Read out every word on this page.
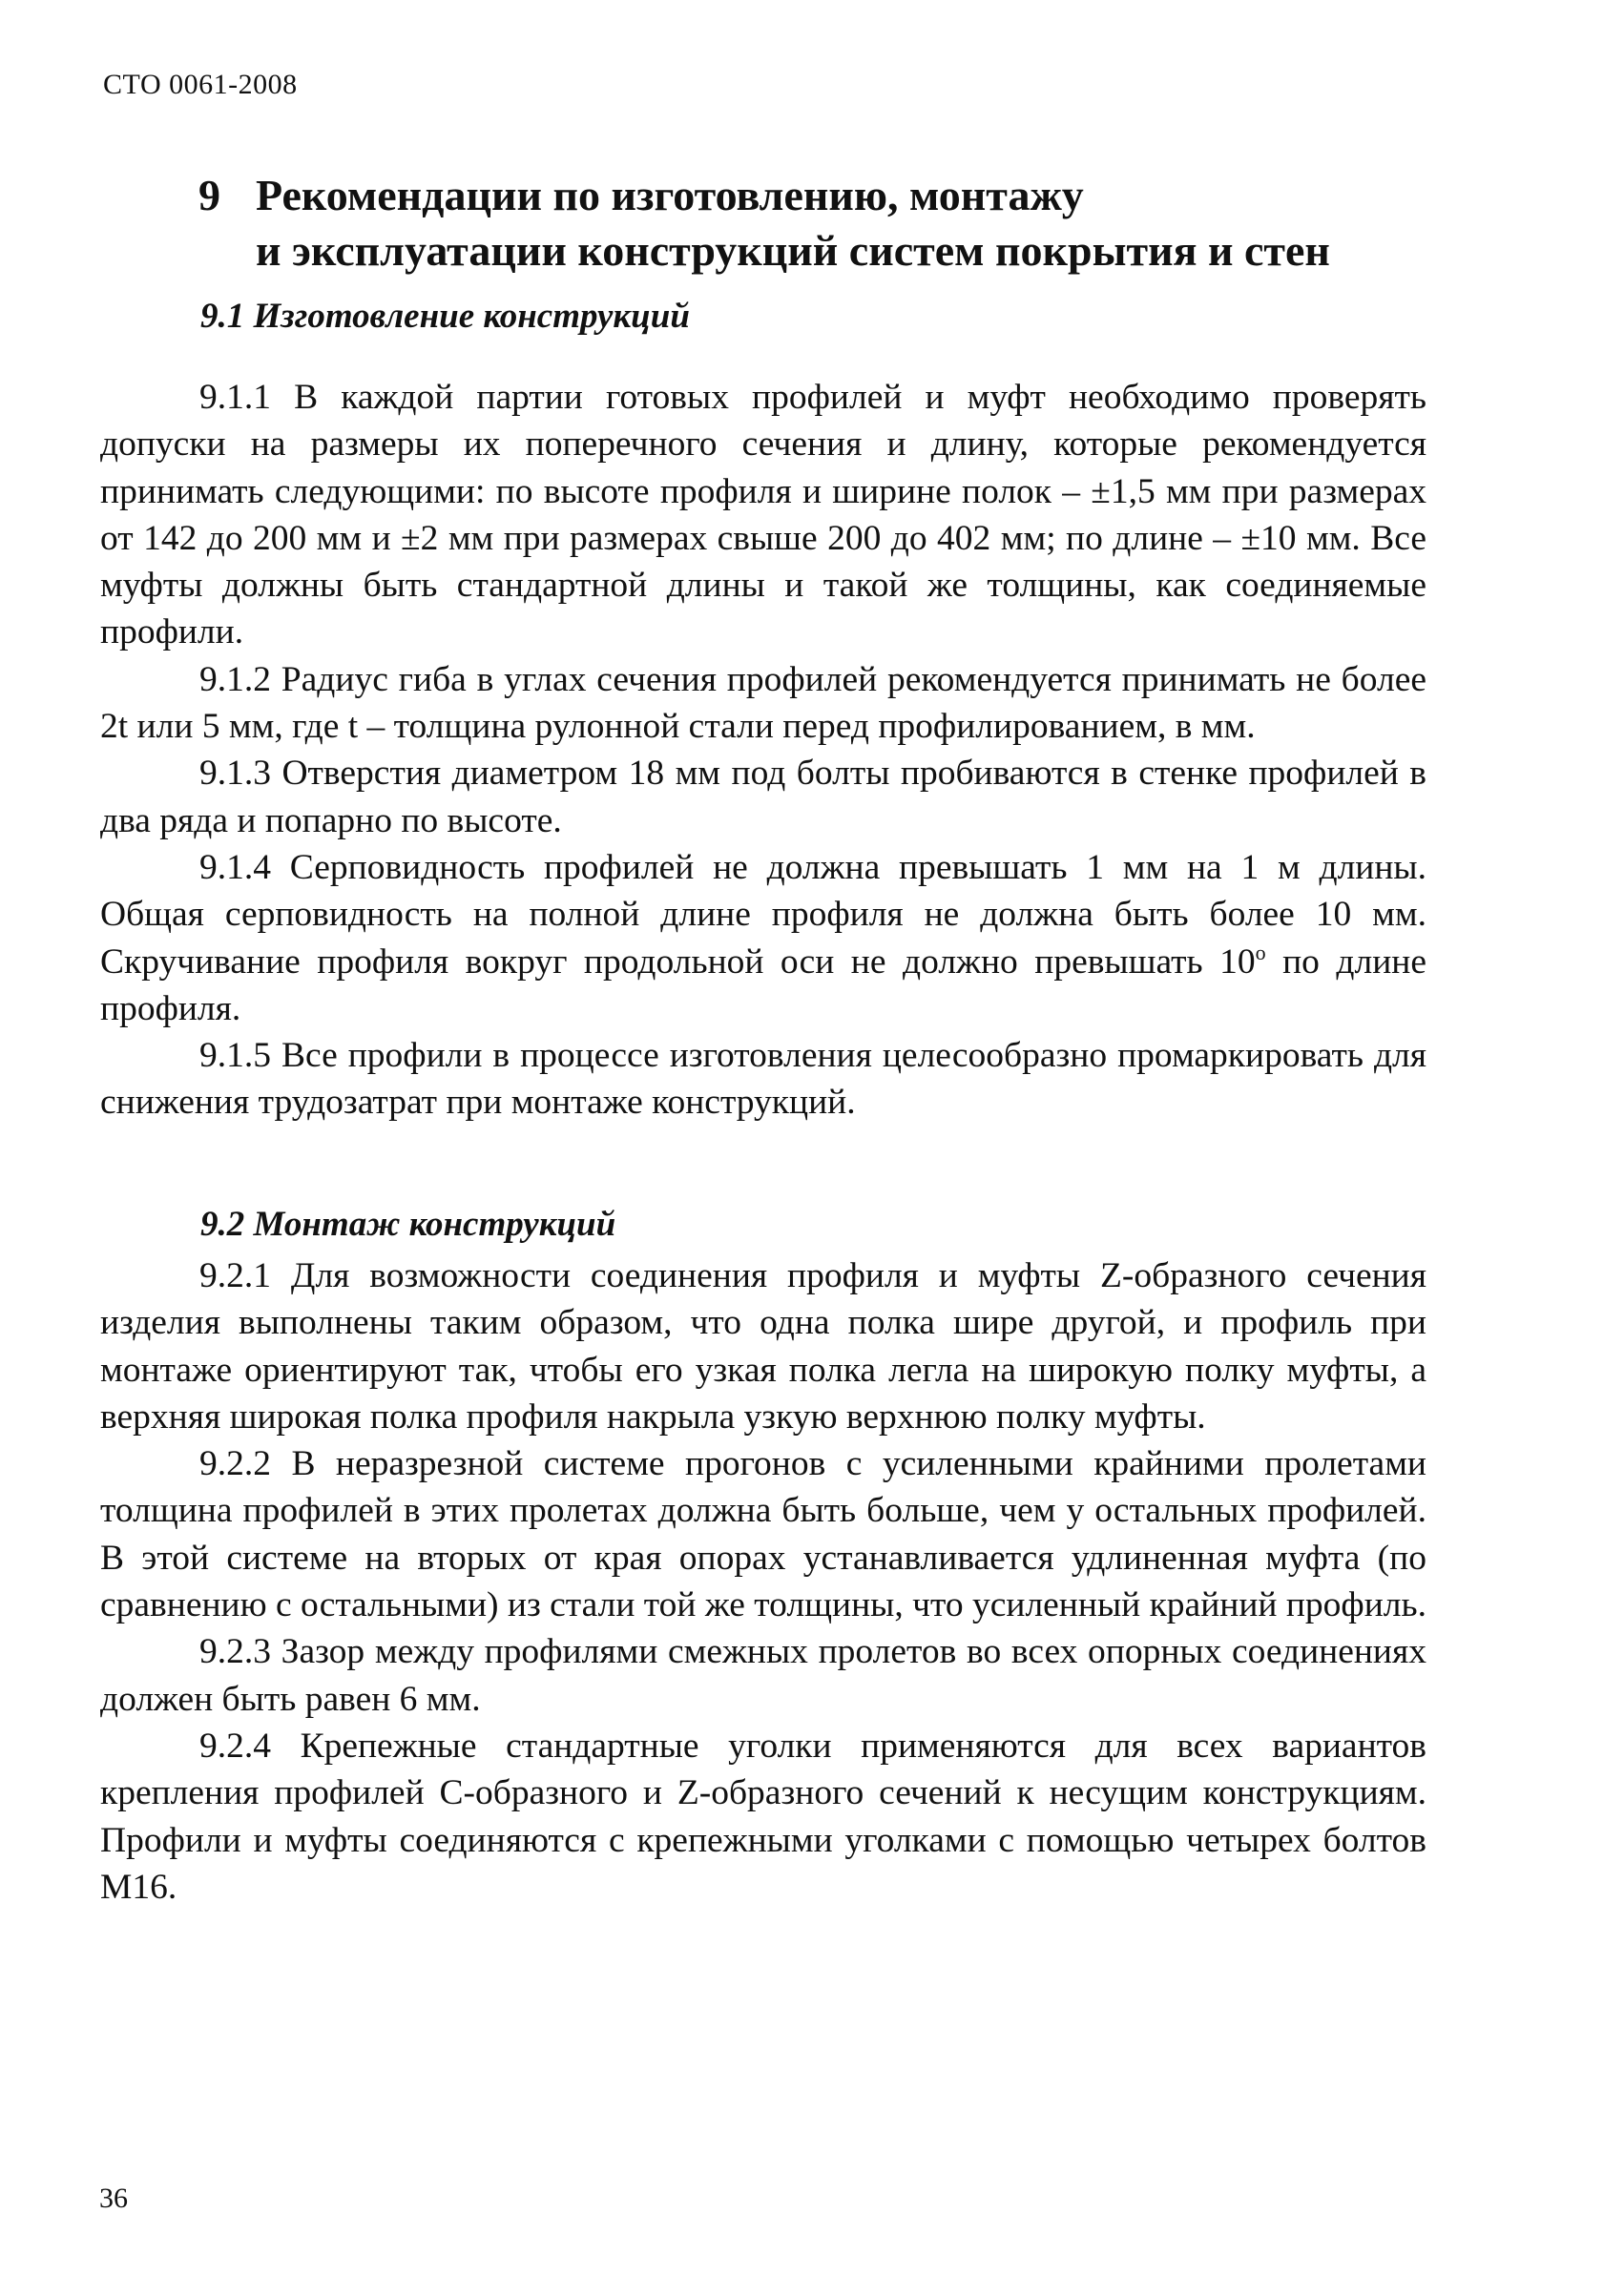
СТО 0061-2008
9 Рекомендации по изготовлению, монтажу
и эксплуатации конструкций систем покрытия и стен
9.1 Изготовление конструкций

9.1.1 В каждой партии готовых профилей и муфт необходимо проверять допуски на размеры их поперечного сечения и длину, которые рекомендуется принимать следующими: по высоте профиля и ширине полок – ±1,5 мм при размерах от 142 до 200 мм и ±2 мм при размерах свыше 200 до 402 мм; по длине – ±10 мм. Все муфты должны быть стандартной длины и такой же толщины, как соединяемые профили.

9.1.2 Радиус гиба в углах сечения профилей рекомендуется принимать не более 2t или 5 мм, где t – толщина рулонной стали перед профилированием, в мм.

9.1.3 Отверстия диаметром 18 мм под болты пробиваются в стенке профилей в два ряда и попарно по высоте.

9.1.4 Серповидность профилей не должна превышать 1 мм на 1 м длины. Общая серповидность на полной длине профиля не должна быть более 10 мм. Скручивание профиля вокруг продольной оси не должно превышать 10$^o$ по длине профиля.

9.1.5 Все профили в процессе изготовления целесообразно промаркировать для снижения трудозатрат при монтаже конструкций.

9.2 Монтаж конструкций

9.2.1 Для возможности соединения профиля и муфты Z-образного сечения изделия выполнены таким образом, что одна полка шире другой, и профиль при монтаже ориентируют так, чтобы его узкая полка легла на широкую полку муфты, а верхняя широкая полка профиля накрыла узкую верхнюю полку муфты.

9.2.2 В неразрезной системе прогонов с усиленными крайними пролетами толщина профилей в этих пролетах должна быть больше, чем у остальных профилей. В этой системе на вторых от края опорах устанавливается удлиненная муфта (по сравнению с остальными) из стали той же толщины, что усиленный крайний профиль.

9.2.3 Зазор между профилями смежных пролетов во всех опорных соединениях должен быть равен 6 мм.

9.2.4 Крепежные стандартные уголки применяются для всех вариантов крепления профилей С-образного и Z-образного сечений к несущим конструкциям. Профили и муфты соединяются с крепежными уголками с помощью четырех болтов М16.

36
